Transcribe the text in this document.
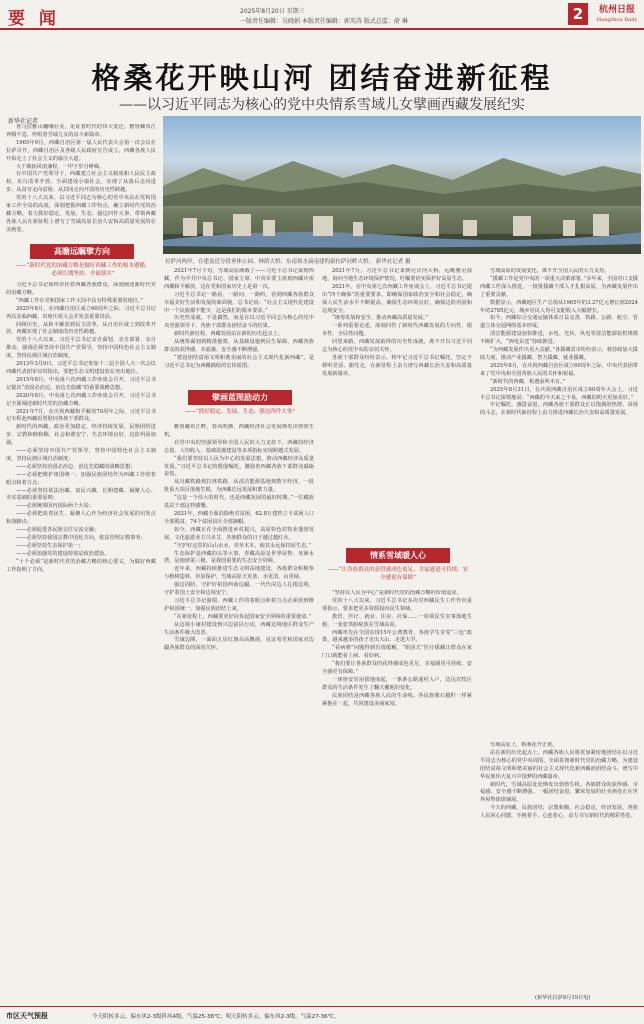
要 闻	2025年8月20日 星期三
一版责任编辑：吴晓娟 本版责任编辑：郭英涛 版式总监：俞 琳	2	杭州日报
Hangzhou Daily
格桑花开映山河 团结奋进新征程
——以习近平同志为核心的党中央情系雪域儿女擘画西藏发展纪实
新华社记者
拉萨河两岸，在建及近分段垂体公园、林荫大桥、东南领水滴南建的新拉萨河畔大桥。 新华社记者 摄

喜马拉雅山巍峨壮美，见证着时代的伟大变迁。雅鲁藏布江奔腾不息，传唱着雪域儿女的奋斗新篇章。

1965年9月，西藏自治区第一届人民代表大会第一次会议在拉萨召开，西藏自治区及各级人民政府宣告成立，西藏各族人民开始走上了社会主义的康庄大道。

大千载拓风雨兼程，一甲子岁月峥嵘。

在中国共产党领导下，西藏建立社会主义制度和人民民主政权，实行改革开放，全面建成小康社会，实现了从落后走向进步、从贫穷走向富裕、从封闭走向开放的历史性跨越。

党的十八大以来，以习近平同志为核心的党中央站在党和国家工作全局的高度，深刻把握西藏工作特点，确立新时代党的治藏方略，着力抓好稳定、发展、生态、强边四件大事，带领西藏各族人民在新征程上谱写了雪域高原长治久安和高质量发展的壮美画卷。

高瞻远瞩擘方向
——“新时代党的治藏方略是做好西藏工作的根本遵循，必须长期坚持、全面落实”

习近平总书记始终牵挂着西藏各族群众，深刻阐述新时代党的治藏方略。

“西藏工作在党和国家工作大局中具有特殊重要的地位。”

2025年8月，在西藏自治区成立60周年之际，习近平总书记再次亲临西藏，出席庆祝大会并发表重要讲话。

回顾历史，从和平解放到民主改革，从自治区成立到改革开放，西藏实现了社会制度的历史性跨越。

党的十八大以来，习近平总书记亲自谋划、亲自部署、亲自推动，强调必须坚持中国共产党领导，坚持中国特色社会主义制度，坚持民族区域自治制度。

2013年3月9日，习近平总书记参加十二届全国人大一次会议西藏代表团审议时指出，要把生态文明建设放在突出地位。

2015年8月，中央第六次西藏工作座谈会召开，习近平总书记提出“治国必治边、治边先稳藏”的重要战略思想。

2020年8月，中央第七次西藏工作座谈会召开，习近平总书记全面阐述新时代党的治藏方略。

2021年7月，在庆祝西藏和平解放70周年之际，习近平总书记专程赴西藏看望慰问各族干部群众。

新时代的西藏，政治更加稳定、经济持续发展、民族团结进步、宗教和睦和顺、社会和谐安宁、生态环境良好、边防巩固加强。

——必须坚持中国共产党领导，坚持中国特色社会主义制度，坚持民族区域自治制度；

——必须坚持治国必治边、治边先稳藏的战略思想；

——必须把维护祖国统一、加强民族团结作为西藏工作的着眼点和着力点；

——必须坚持依法治藏、富民兴藏、长期建藏、凝聚人心、夯实基础的重要原则；

——必须统筹国内国际两个大局；

——必须把改善民生、凝聚人心作为经济社会发展的出发点和落脚点；

——必须促进各民族交往交流交融；

——必须坚持我国宗教中国化方向，依法管理宗教事务；

——必须坚持生态保护第一；

——必须加强党的建设特别是政治建设。

“十个必须”是新时代党的治藏方略的核心要义，为做好西藏工作指明了方向。

2021年7月下旬，雪域高原满载了——习近平总书记来到西藏，作为中共中央总书记、国家主席、中央军委主席到西藏庆祝西藏和平解放，这在党和国家历史上是第一次。

习近平总书记一路看、一路问、一路听，看到西藏各族群众幸福美好生活和发展的新面貌，总书记说：“社会主义现代化建设中一个民族都不能少，这是我们的根本要求。”

历史性成就，不是偶然，而是在以习近平同志为核心的党中央坚强领导下，各族干部群众团结奋斗的结果。

新时代新征程，西藏发展站在新的历史起点上。

从统筹谋划到精准施策，从基础设施到民生保障，西藏各族群众的获得感、幸福感、安全感不断增强。

“建设团结富裕文明和谐美丽的社会主义现代化新西藏”，是习近平总书记为西藏描绘的宏伟蓝图。

擘画蓝图励动力
——“抓好稳定、发展、生态、强边四件大事”

雅鲁藏布江畔，春风吹拂，西藏经济社会发展焕发出勃勃生机。

在党中央的坚强领导和全国人民的大力支持下，西藏的经济总量、人均收入、基础设施建设等多项指标实现跨越式发展。

“我们要坚持以人民为中心的发展思想，推动西藏经济高质量发展。”习近平总书记的殷殷嘱托，激励着西藏各族干部群众砥砺奋进。

从川藏铁路到拉林铁路，从清洁能源基地到数字经济，一批批重大项目落地生根，为西藏长远发展积蓄力量。

“这是一个伟大的时代，也是西藏发展的最好时期。”一位藏族基层干部这样感慨。

2021年，西藏全面消除绝对贫困，62.8万建档立卡贫困人口全部脱贫，74个贫困县区全部摘帽。

如今，西藏正在全面推进乡村振兴，高原特色农牧业蓬勃发展，文化旅游业方兴未艾，各族群众的日子越过越红火。

“守护好这里的山山水水、草草木木，使其永远保持原生态。”

生态保护是西藏的头等大事，青藏高原是世界屋脊、亚洲水塔，是地球第三极，是我国重要的生态安全屏障。

近年来，西藏持续推进生态文明高地建设，各族群众积极参与植树造林、草原保护，雪域高原天更蓝、水更清、山更绿。

强边固防，守护好祖国西南边疆。一代代戍边人扎根边境，守护着国土安全和边境安宁。

习近平总书记强调，西藏工作的着眼点和着力点必须放到维护祖国统一、加强民族团结上来。

“在新征程上，西藏要更好肩负起国家安全屏障的重要使命。”

从边境小康村建设到兴边富民行动，西藏边境地区群众生产生活条件极大改善。

雪域边陲，一面面五星红旗高高飘扬，见证着党和国家对边疆各族群众的深切关怀。

2021年7月，习近平总书记来到尼洋河大桥，远眺雅尼湿地，询问当地生态环境保护情况，叮嘱要切实保护好高原生态。

2021年，在中央第七次西藏工作座谈会上，习近平总书记提出“四个确保”的重要要求，即确保国家政治安全和社会稳定，确保人民生活水平不断提高，确保生态环境良好，确保边防巩固和边境安全。

“统筹发展和安全，推动西藏高质量发展。”

一系列重要论述，深刻回答了新时代西藏发展的方向性、根本性、全局性问题。

回望来路，西藏发展取得的历史性成就，离不开以习近平同志为核心的党中央的亲切关怀。

各族干部群众纷纷表示，将牢记习近平总书记嘱托，坚定不移听党话、跟党走，在新征程上奋力谱写西藏长治久安和高质量发展新篇章。

情系雪域暖人心
——“让各族群众的获得感成色更足、幸福感更可持续、安全感更有保障”

“坚持以人民为中心”是新时代党的治藏方略的价值追求。

党的十八大以来，习近平总书记多次对西藏民生工作作出重要指示，要求把更多资源投向民生领域。

教育、医疗、就业、住房、社保……一项项民生实事落地生根，一张张笑脸绽放在雪域高原。

西藏率先在全国实现15年公费教育，各族学生享受“三包”政策，越来越多的孩子走出大山、走进大学。

“看病难”问题得到有效缓解，“组团式”医疗援藏让群众在家门口就能看上病、看好病。

“我们要让各族群众的获得感成色更足、幸福感更可持续、安全感更有保障。”

一座座安居房拔地而起，一条条公路通村入户，边远农牧区群众的生活条件发生了翻天覆地的变化。

民族团结是西藏各族人民的生命线。各民族像石榴籽一样紧紧抱在一起，共同建设美丽家园。

雪域高原的发展变化，离不开全国人民的大力支持。

“援藏工作是党中央的一项重大决策部署。”多年来，全国对口支援西藏工作深入推进，一批批援藏干部人才扎根高原，为西藏发展作出了重要贡献。

数据显示，西藏地区生产总值从1965年的3.27亿元增长到2024年的2765亿元，城乡居民人均可支配收入大幅增长。

如今，西藏综合交通运输体系日益完善，铁路、公路、航空、管道立体交通网络基本形成。

清洁能源建设加快推进，水电、光伏、风电等清洁能源装机规模不断扩大，“西电东送”持续推进。

“为西藏发展作出更大贡献。”各援藏省市纷纷表示，将持续加大援助力度，推动产业援藏、智力援藏、就业援藏。

2025年8月，在庆祝西藏自治区成立60周年之际，中央代表团带来了党中央和全国各族人民的关怀和祝福。

“新时代的西藏，机遇前所未有。”

2025年8月21日，在庆祝西藏自治区成立60周年大会上，习近平总书记深情地说：“西藏的今天来之不易，西藏的明天更加美好。”

牢记嘱托、感恩奋进。西藏各族干部群众正以饱满的热情、昂扬的斗志，在新时代新征程上奋力推进西藏长治久安和高质量发展。

雪域高原上，格桑花开正艳。

站在新的历史起点上，西藏各族人民将更加紧密地团结在以习近平同志为核心的党中央周围，全面贯彻新时代党的治藏方略，为建设团结富裕文明和谐美丽的社会主义现代化新西藏而团结奋斗，谱写中华民族伟大复兴中国梦的西藏篇章。

新时代，雪域高原处处焕发出勃勃生机。各族群众的获得感、幸福感、安全感不断增强。一幅团结奋进、繁荣发展的壮美画卷正在世界屋脊徐徐铺展。

今天的西藏，民族团结，宗教和顺，社会稳定，经济发展。各族人民同心同德，手挽着手、心连着心，奋力书写新时代的精彩答卷。

(新华社拉萨8月19日电)
市区天气预报	今天阴转多云，偏东风2-3级阵风4级，气温25-38℃；明天阴转多云，偏东风2-3级，气温27-36℃。
